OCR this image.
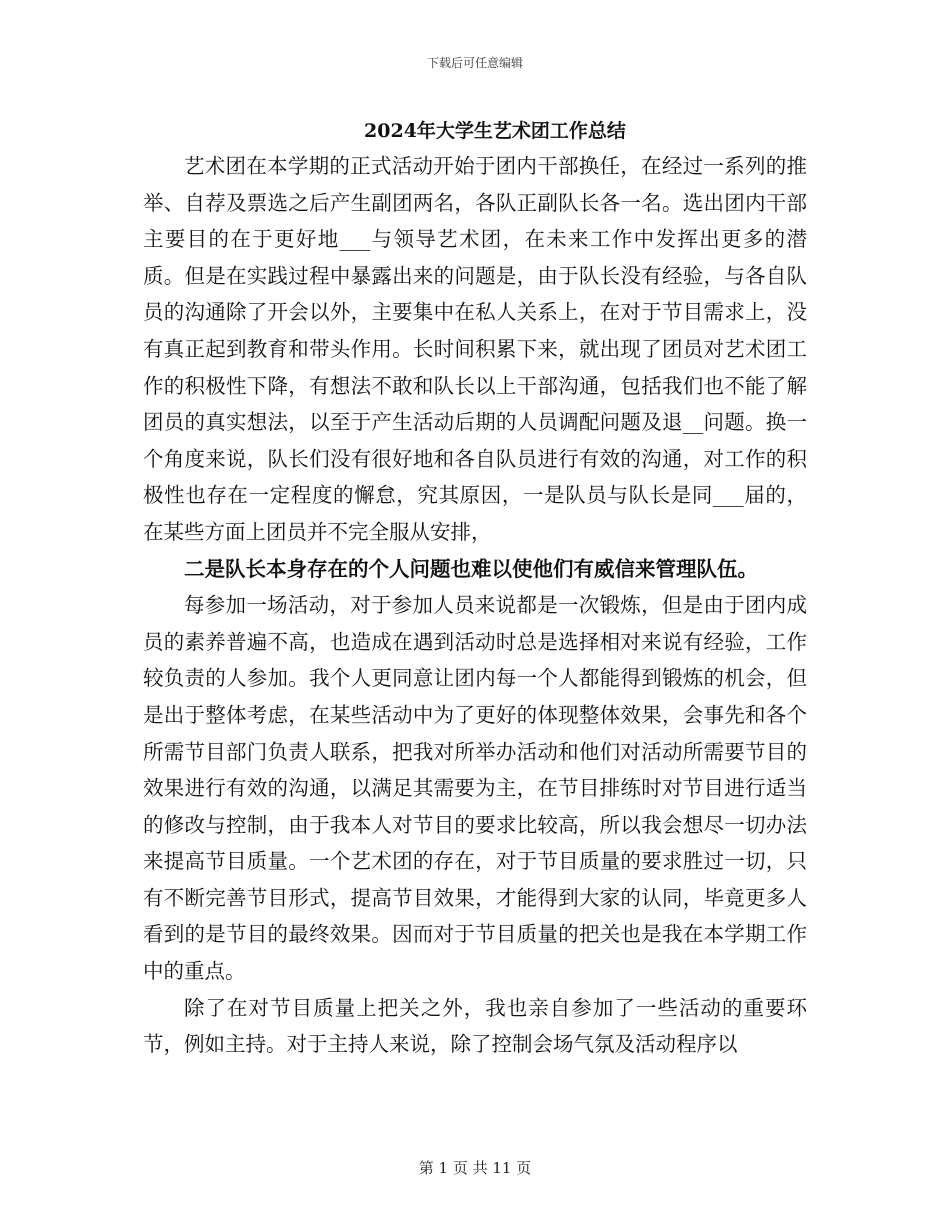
下载后可任意编辑
2024年大学生艺术团工作总结

艺术团在本学期的正式活动开始于团内干部换任，在经过一系列的推举、自荐及票选之后产生副团两名，各队正副队长各一名。选出团内干部主要目的在于更好地___与领导艺术团，在未来工作中发挥出更多的潜质。但是在实践过程中暴露出来的问题是，由于队长没有经验，与各自队员的沟通除了开会以外，主要集中在私人关系上，在对于节目需求上，没有真正起到教育和带头作用。长时间积累下来，就出现了团员对艺术团工作的积极性下降，有想法不敢和队长以上干部沟通，包括我们也不能了解团员的真实想法，以至于产生活动后期的人员调配问题及退__问题。换一个角度来说，队长们没有很好地和各自队员进行有效的沟通，对工作的积极性也存在一定程度的懈怠，究其原因，一是队员与队长是同___届的，在某些方面上团员并不完全服从安排，

二是队长本身存在的个人问题也难以使他们有威信来管理队伍。

每参加一场活动，对于参加人员来说都是一次锻炼，但是由于团内成员的素养普遍不高，也造成在遇到活动时总是选择相对来说有经验，工作较负责的人参加。我个人更同意让团内每一个人都能得到锻炼的机会，但是出于整体考虑，在某些活动中为了更好的体现整体效果，会事先和各个所需节目部门负责人联系，把我对所举办活动和他们对活动所需要节目的效果进行有效的沟通，以满足其需要为主，在节目排练时对节目进行适当的修改与控制，由于我本人对节目的要求比较高，所以我会想尽一切办法来提高节目质量。一个艺术团的存在，对于节目质量的要求胜过一切，只有不断完善节目形式，提高节目效果，才能得到大家的认同，毕竟更多人看到的是节目的最终效果。因而对于节目质量的把关也是我在本学期工作中的重点。

除了在对节目质量上把关之外，我也亲自参加了一些活动的重要环节，例如主持。对于主持人来说，除了控制会场气氛及活动程序以

第 1 页 共 11 页
